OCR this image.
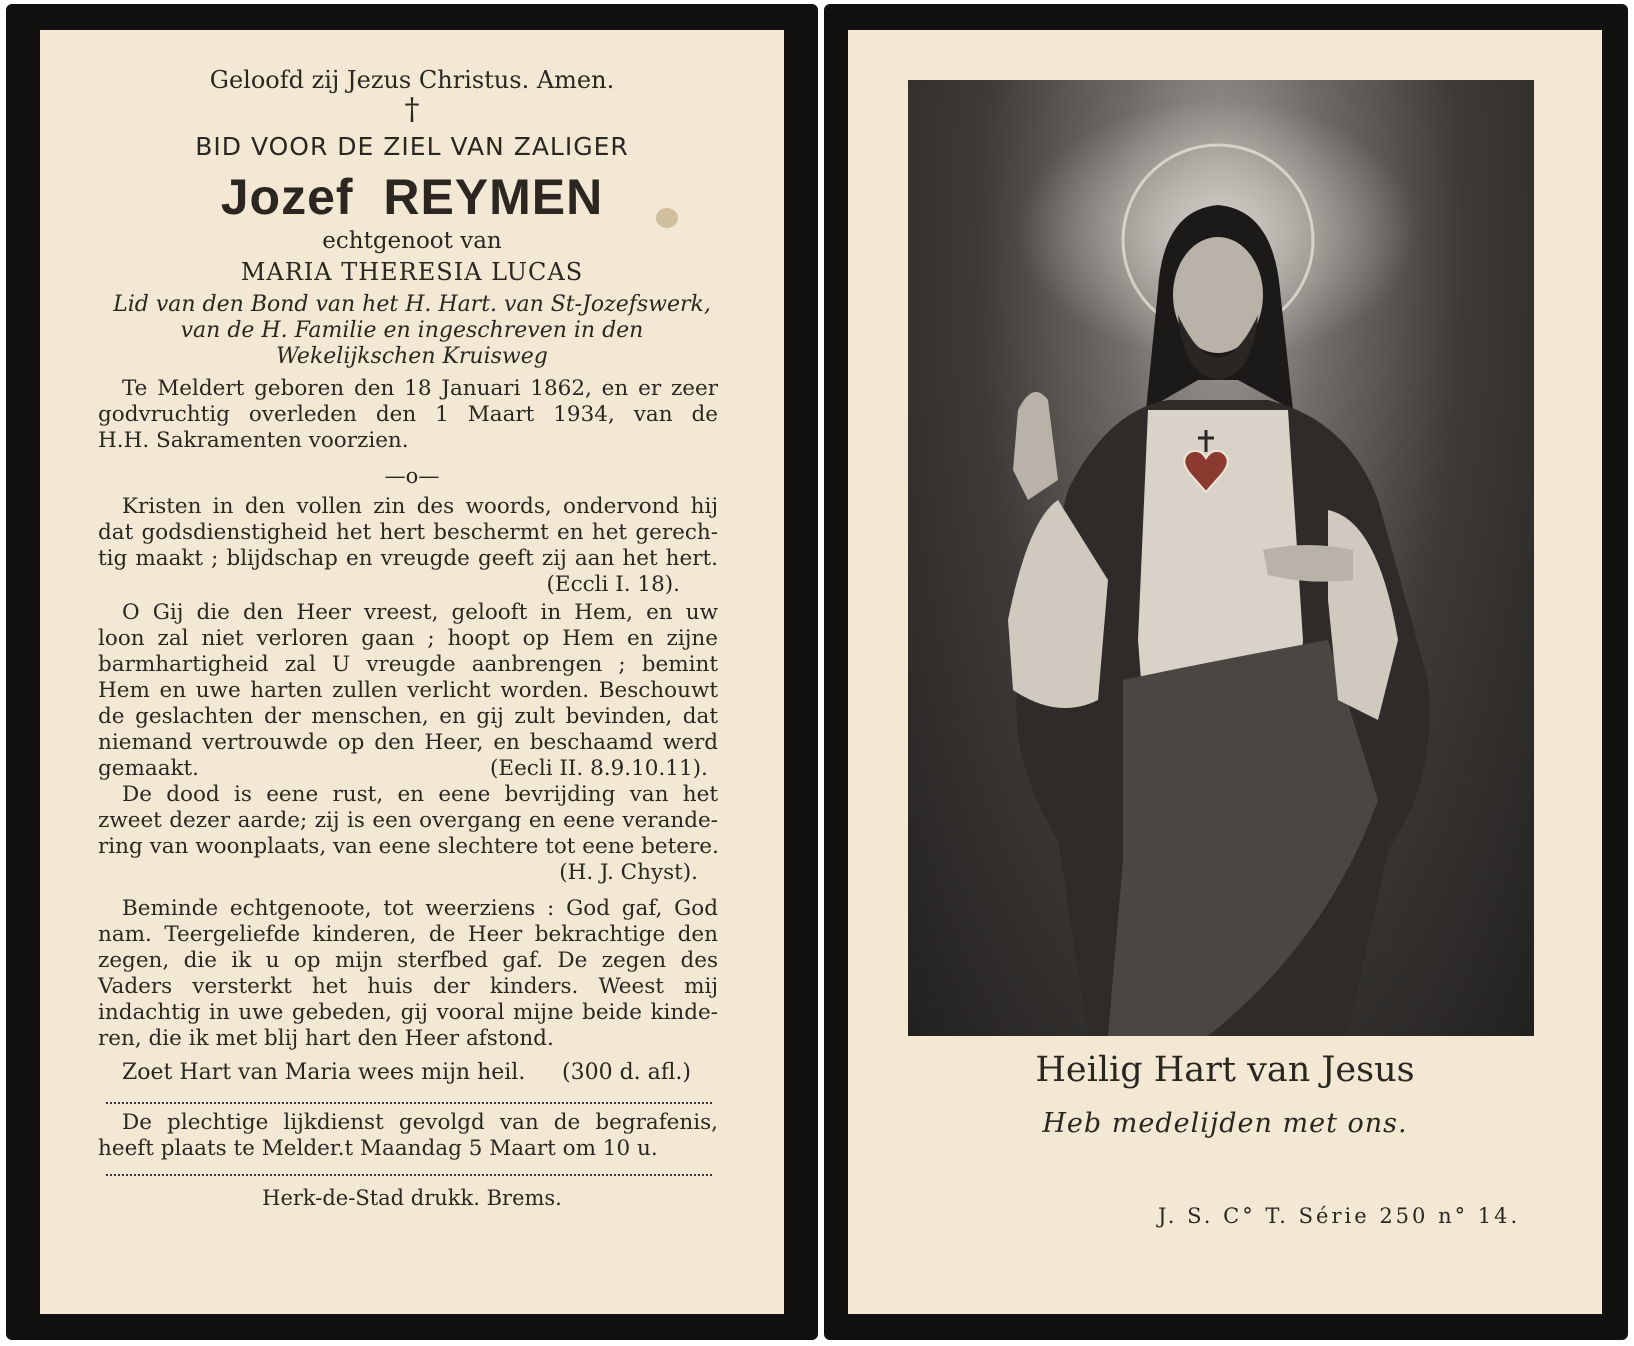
Geloofd zij Jezus Christus. Amen.
†
BID VOOR DE ZIEL VAN ZALIGER
Jozef REYMEN
echtgenoot van
MARIA THERESIA LUCAS
Lid van den Bond van het H. Hart. van St-Jozefswerk,
van de H. Familie en ingeschreven in den
Wekelijkschen Kruisweg
Te Meldert geboren den 18 Januari 1862, en er zeer
godvruchtig overleden den 1 Maart 1934, van de
H.H. Sakramenten voorzien.
—o—
Kristen in den vollen zin des woords, ondervond hij
dat godsdienstigheid het hert beschermt en het gerech-
tig maakt ; blijdschap en vreugde geeft zij aan het hert.
(Eccli I. 18).
O Gij die den Heer vreest, gelooft in Hem, en uw
loon zal niet verloren gaan ; hoopt op Hem en zijne
barmhartigheid zal U vreugde aanbrengen ; bemint
Hem en uwe harten zullen verlicht worden. Beschouwt
de geslachten der menschen, en gij zult bevinden, dat
niemand vertrouwde op den Heer, en beschaamd werd
gemaakt.	(Eecli II. 8.9.10.11).
De dood is eene rust, en eene bevrijding van het
zweet dezer aarde; zij is een overgang en eene verande-
ring van woonplaats, van eene slechtere tot eene betere.
(H. J. Chyst).
Beminde echtgenoote, tot weerziens : God gaf, God
nam. Teergeliefde kinderen, de Heer bekrachtige den
zegen, die ik u op mijn sterfbed gaf. De zegen des
Vaders versterkt het huis der kinders. Weest mij
indachtig in uwe gebeden, gij vooral mijne beide kinde-
ren, die ik met blij hart den Heer afstond.
Zoet Hart van Maria wees mijn heil. (300 d. afl.)
De plechtige lijkdienst gevolgd van de begrafenis,
heeft plaats te Melder.t Maandag 5 Maart om 10 u.
Herk-de-Stad drukk. Brems.
Heilig Hart van Jesus
Heb medelijden met ons.
J. S. C° T. Série 250 n° 14.
